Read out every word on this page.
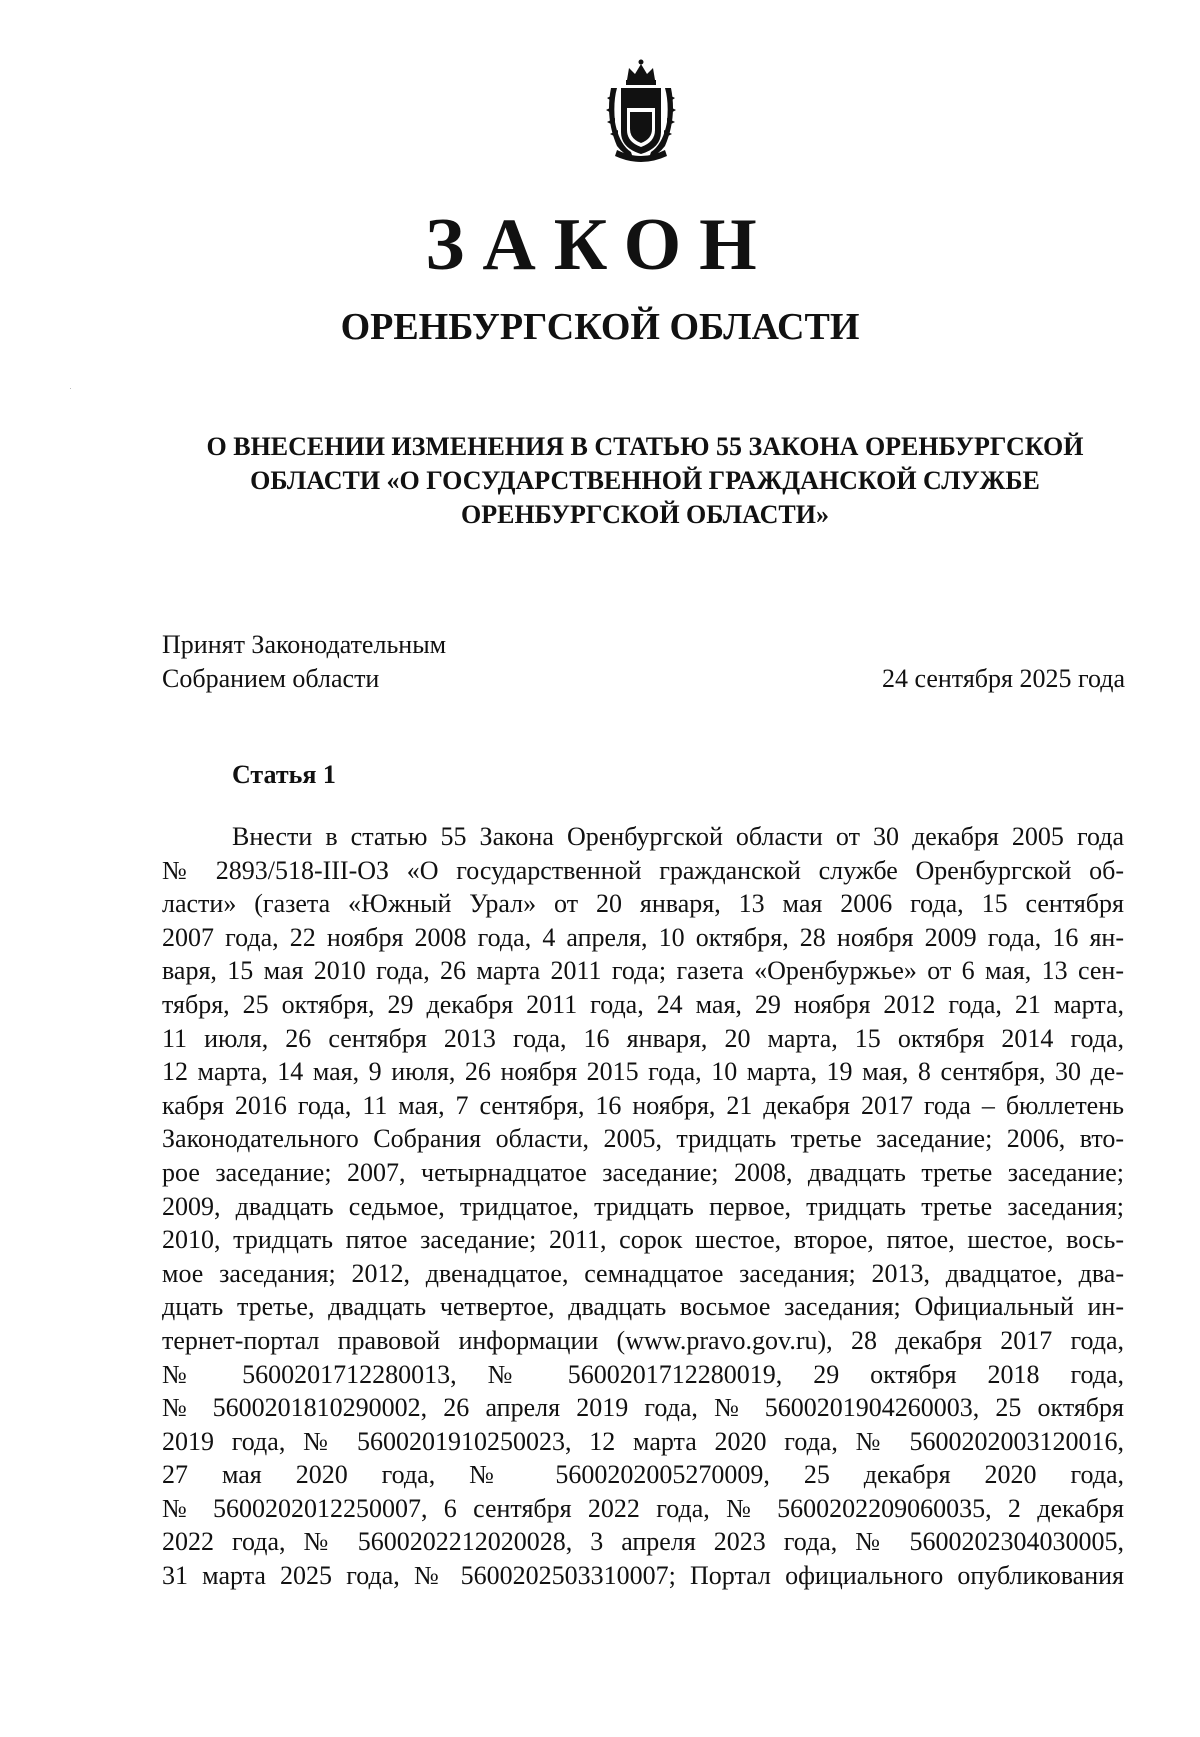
ЗАКОН
ОРЕНБУРГСКОЙ ОБЛАСТИ
О ВНЕСЕНИИ ИЗМЕНЕНИЯ В СТАТЬЮ 55 ЗАКОНА ОРЕНБУРГСКОЙ
ОБЛАСТИ «О ГОСУДАРСТВЕННОЙ ГРАЖДАНСКОЙ СЛУЖБЕ
ОРЕНБУРГСКОЙ ОБЛАСТИ»
Принят Законодательным
Собранием области	24 сентября 2025 года
Статья 1
Внести в статью 55 Закона Оренбургской области от 30 декабря 2005 года
№ 2893/518-III-ОЗ «О государственной гражданской службе Оренбургской об-
ласти» (газета «Южный Урал» от 20 января, 13 мая 2006 года, 15 сентября
2007 года, 22 ноября 2008 года, 4 апреля, 10 октября, 28 ноября 2009 года, 16 ян-
варя, 15 мая 2010 года, 26 марта 2011 года; газета «Оренбуржье» от 6 мая, 13 сен-
тября, 25 октября, 29 декабря 2011 года, 24 мая, 29 ноября 2012 года, 21 марта,
11 июля, 26 сентября 2013 года, 16 января, 20 марта, 15 октября 2014 года,
12 марта, 14 мая, 9 июля, 26 ноября 2015 года, 10 марта, 19 мая, 8 сентября, 30 де-
кабря 2016 года, 11 мая, 7 сентября, 16 ноября, 21 декабря 2017 года – бюллетень
Законодательного Собрания области, 2005, тридцать третье заседание; 2006, вто-
рое заседание; 2007, четырнадцатое заседание; 2008, двадцать третье заседание;
2009, двадцать седьмое, тридцатое, тридцать первое, тридцать третье заседания;
2010, тридцать пятое заседание; 2011, сорок шестое, второе, пятое, шестое, вось-
мое заседания; 2012, двенадцатое, семнадцатое заседания; 2013, двадцатое, два-
дцать третье, двадцать четвертое, двадцать восьмое заседания; Официальный ин-
тернет-портал правовой информации (www.pravo.gov.ru), 28 декабря 2017 года,
№ 5600201712280013, № 5600201712280019, 29 октября 2018 года,
№ 5600201810290002, 26 апреля 2019 года, № 5600201904260003, 25 октября
2019 года, № 5600201910250023, 12 марта 2020 года, № 5600202003120016,
27 мая 2020 года, № 5600202005270009, 25 декабря 2020 года,
№ 5600202012250007, 6 сентября 2022 года, № 5600202209060035, 2 декабря
2022 года, № 5600202212020028, 3 апреля 2023 года, № 5600202304030005,
31 марта 2025 года, № 5600202503310007; Портал официального опубликования
